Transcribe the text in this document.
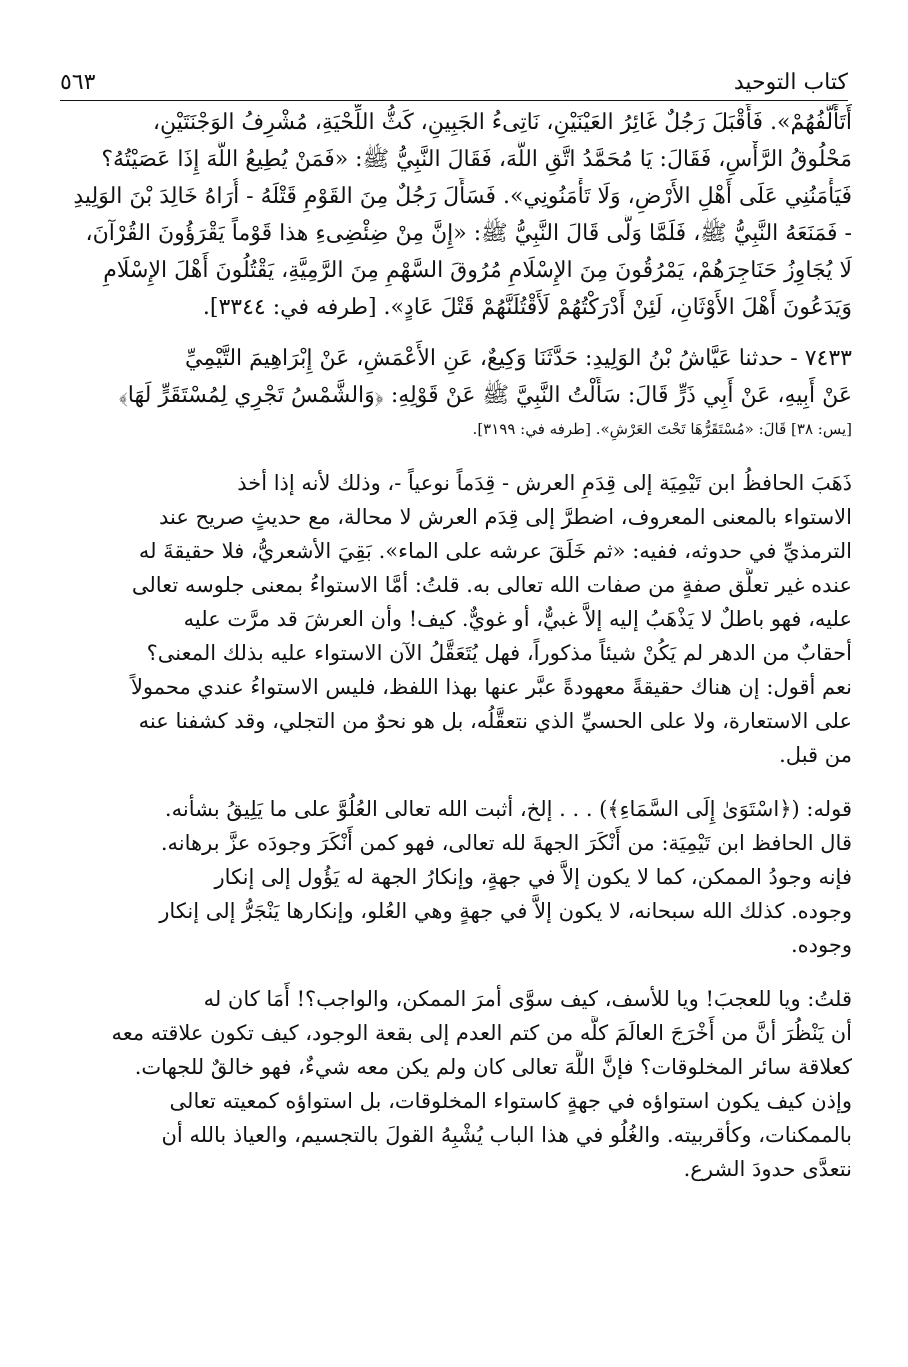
كتاب التوحيد
٥٦٣
أَتَأَلَّفُهُمْ». فَأَقْبَلَ رَجُلٌ غَائِرُ العَيْنَيْنِ، نَاتِىءُ الجَبِينِ، كَثُّ اللِّحْيَةِ، مُشْرِفُ الوَجْنَتَيْنِ،
مَحْلُوقُ الرَّأْسِ، فَقَالَ: يَا مُحَمَّدُ اتَّقِ اللَّهَ، فَقَالَ النَّبِيُّ ﷺ: «فَمَنْ يُطِيعُ اللَّهَ إِذَا عَصَيْتُهُ؟
فَيَأْمَنُنِي عَلَى أَهْلِ الأَرْضِ، وَلَا تَأْمَنُونِي». فَسَأَلَ رَجُلٌ مِنَ القَوْمِ قَتْلَهُ - أُرَاهُ خَالِدَ بْنَ الوَلِيدِ
- فَمَنَعَهُ النَّبِيُّ ﷺ، فَلَمَّا وَلَّى قَالَ النَّبِيُّ ﷺ: «إِنَّ مِنْ ضِئْضِىءِ هذا قَوْماً يَقْرَؤُونَ القُرْآنَ،
لَا يُجَاوِزُ حَنَاجِرَهُمْ، يَمْرُقُونَ مِنَ الإِسْلَامِ مُرُوقَ السَّهْمِ مِنَ الرَّمِيَّةِ، يَقْتُلُونَ أَهْلَ الإِسْلَامِ
وَيَدَعُونَ أَهْلَ الأَوْثَانِ، لَئِنْ أَدْرَكْتُهُمْ لَأَقْتُلَنَّهُمْ قَتْلَ عَادٍ». [طرفه في: ٣٣٤٤].
٧٤٣٣ - حدثنا عَيَّاشُ بْنُ الوَلِيدِ: حَدَّثَنَا وَكِيعٌ، عَنِ الأَعْمَشِ، عَنْ إِبْرَاهِيمَ التَّيْمِيِّ
عَنْ أَبِيهِ، عَنْ أَبِي ذَرٍّ قَالَ: سَأَلْتُ النَّبِيَّ ﷺ عَنْ قَوْلِهِ: ﴿وَالشَّمْسُ تَجْرِي لِمُسْتَقَرٍّ لَهَا﴾
[يس: ٣٨] قَالَ: «مُسْتَقَرُّهَا تَحْتَ العَرْشِ». [طرفه في: ٣١٩٩].
ذَهَبَ الحافظُ ابن تَيْمِيَة إلى قِدَمِ العرش - قِدَماً نوعياً -، وذلك لأنه إذا أخذ
الاستواء بالمعنى المعروف، اضطرَّ إلى قِدَم العرش لا محالة، مع حديثٍ صريح عند
الترمذيِّ في حدوثه، ففيه: «ثم خَلَقَ عرشه على الماء». بَقِيَ الأشعريُّ، فلا حقيقةَ له
عنده غير تعلُّق صفةٍ من صفات الله تعالى به. قلتُ: أمَّا الاستواءُ بمعنى جلوسه تعالى
عليه، فهو باطلٌ لا يَذْهَبُ إليه إلاَّ غبيٌّ، أو غويٌّ. كيف! وأن العرشَ قد مرَّت عليه
أحقابٌ من الدهر لم يَكُنْ شيئاً مذكوراً، فهل يُتَعَقَّلُ الآن الاستواء عليه بذلك المعنى؟
نعم أقول: إن هناك حقيقةً معهودةً عبَّر عنها بهذا اللفظ، فليس الاستواءُ عندي محمولاً
على الاستعارة، ولا على الحسيِّ الذي نتعقَّلُه، بل هو نحوٌ من التجلي، وقد كشفنا عنه
من قبل.
قوله: (﴿اسْتَوَىٰ إِلَى السَّمَاءِ﴾) . . . إلخ، أثبت الله تعالى العُلُوَّ على ما يَلِيقُ بشأنه.
قال الحافظ ابن تَيْمِيَة: من أَنْكَرَ الجهةَ لله تعالى، فهو كمن أَنْكَرَ وجودَه عزَّ برهانه.
فإنه وجودُ الممكن، كما لا يكون إلاَّ في جهةٍ، وإنكارُ الجهة له يَؤُول إلى إنكار
وجوده. كذلك الله سبحانه، لا يكون إلاَّ في جهةٍ وهي العُلو، وإنكارها يَنْجَرُّ إلى إنكار
وجوده.
قلتُ: ويا للعجبَ! ويا للأسف، كيف سوَّى أمرَ الممكن، والواجب؟! أَمَا كان له
أن يَنْظُرَ أنَّ من أَخْرَجَ العالَمَ كلَّه من كتم العدم إلى بقعة الوجود، كيف تكون علاقته معه
كعلاقة سائر المخلوقات؟ فإنَّ اللَّهَ تعالى كان ولم يكن معه شيءٌ، فهو خالقٌ للجهات.
وإذن كيف يكون استواؤه في جهةٍ كاستواء المخلوقات، بل استواؤه كمعيته تعالى
بالممكنات، وكأقربيته. والغُلُو في هذا الباب يُشْبِهُ القولَ بالتجسيم، والعياذ بالله أن
نتعدَّى حدودَ الشرع.
